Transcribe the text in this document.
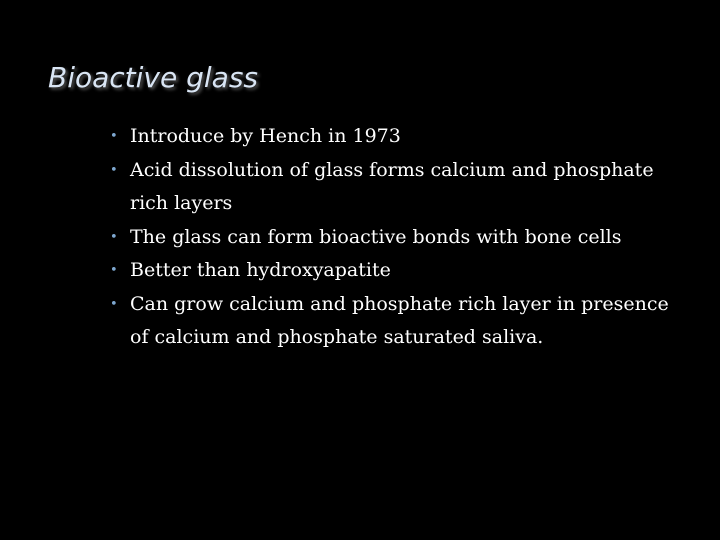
Bioactive glass
• Introduce by Hench in 1973
• Acid dissolution of glass forms calcium and phosphate rich layers
• The glass can form bioactive bonds with bone cells
• Better than hydroxyapatite
• Can grow calcium and phosphate rich layer in presence of calcium and phosphate saturated saliva.
